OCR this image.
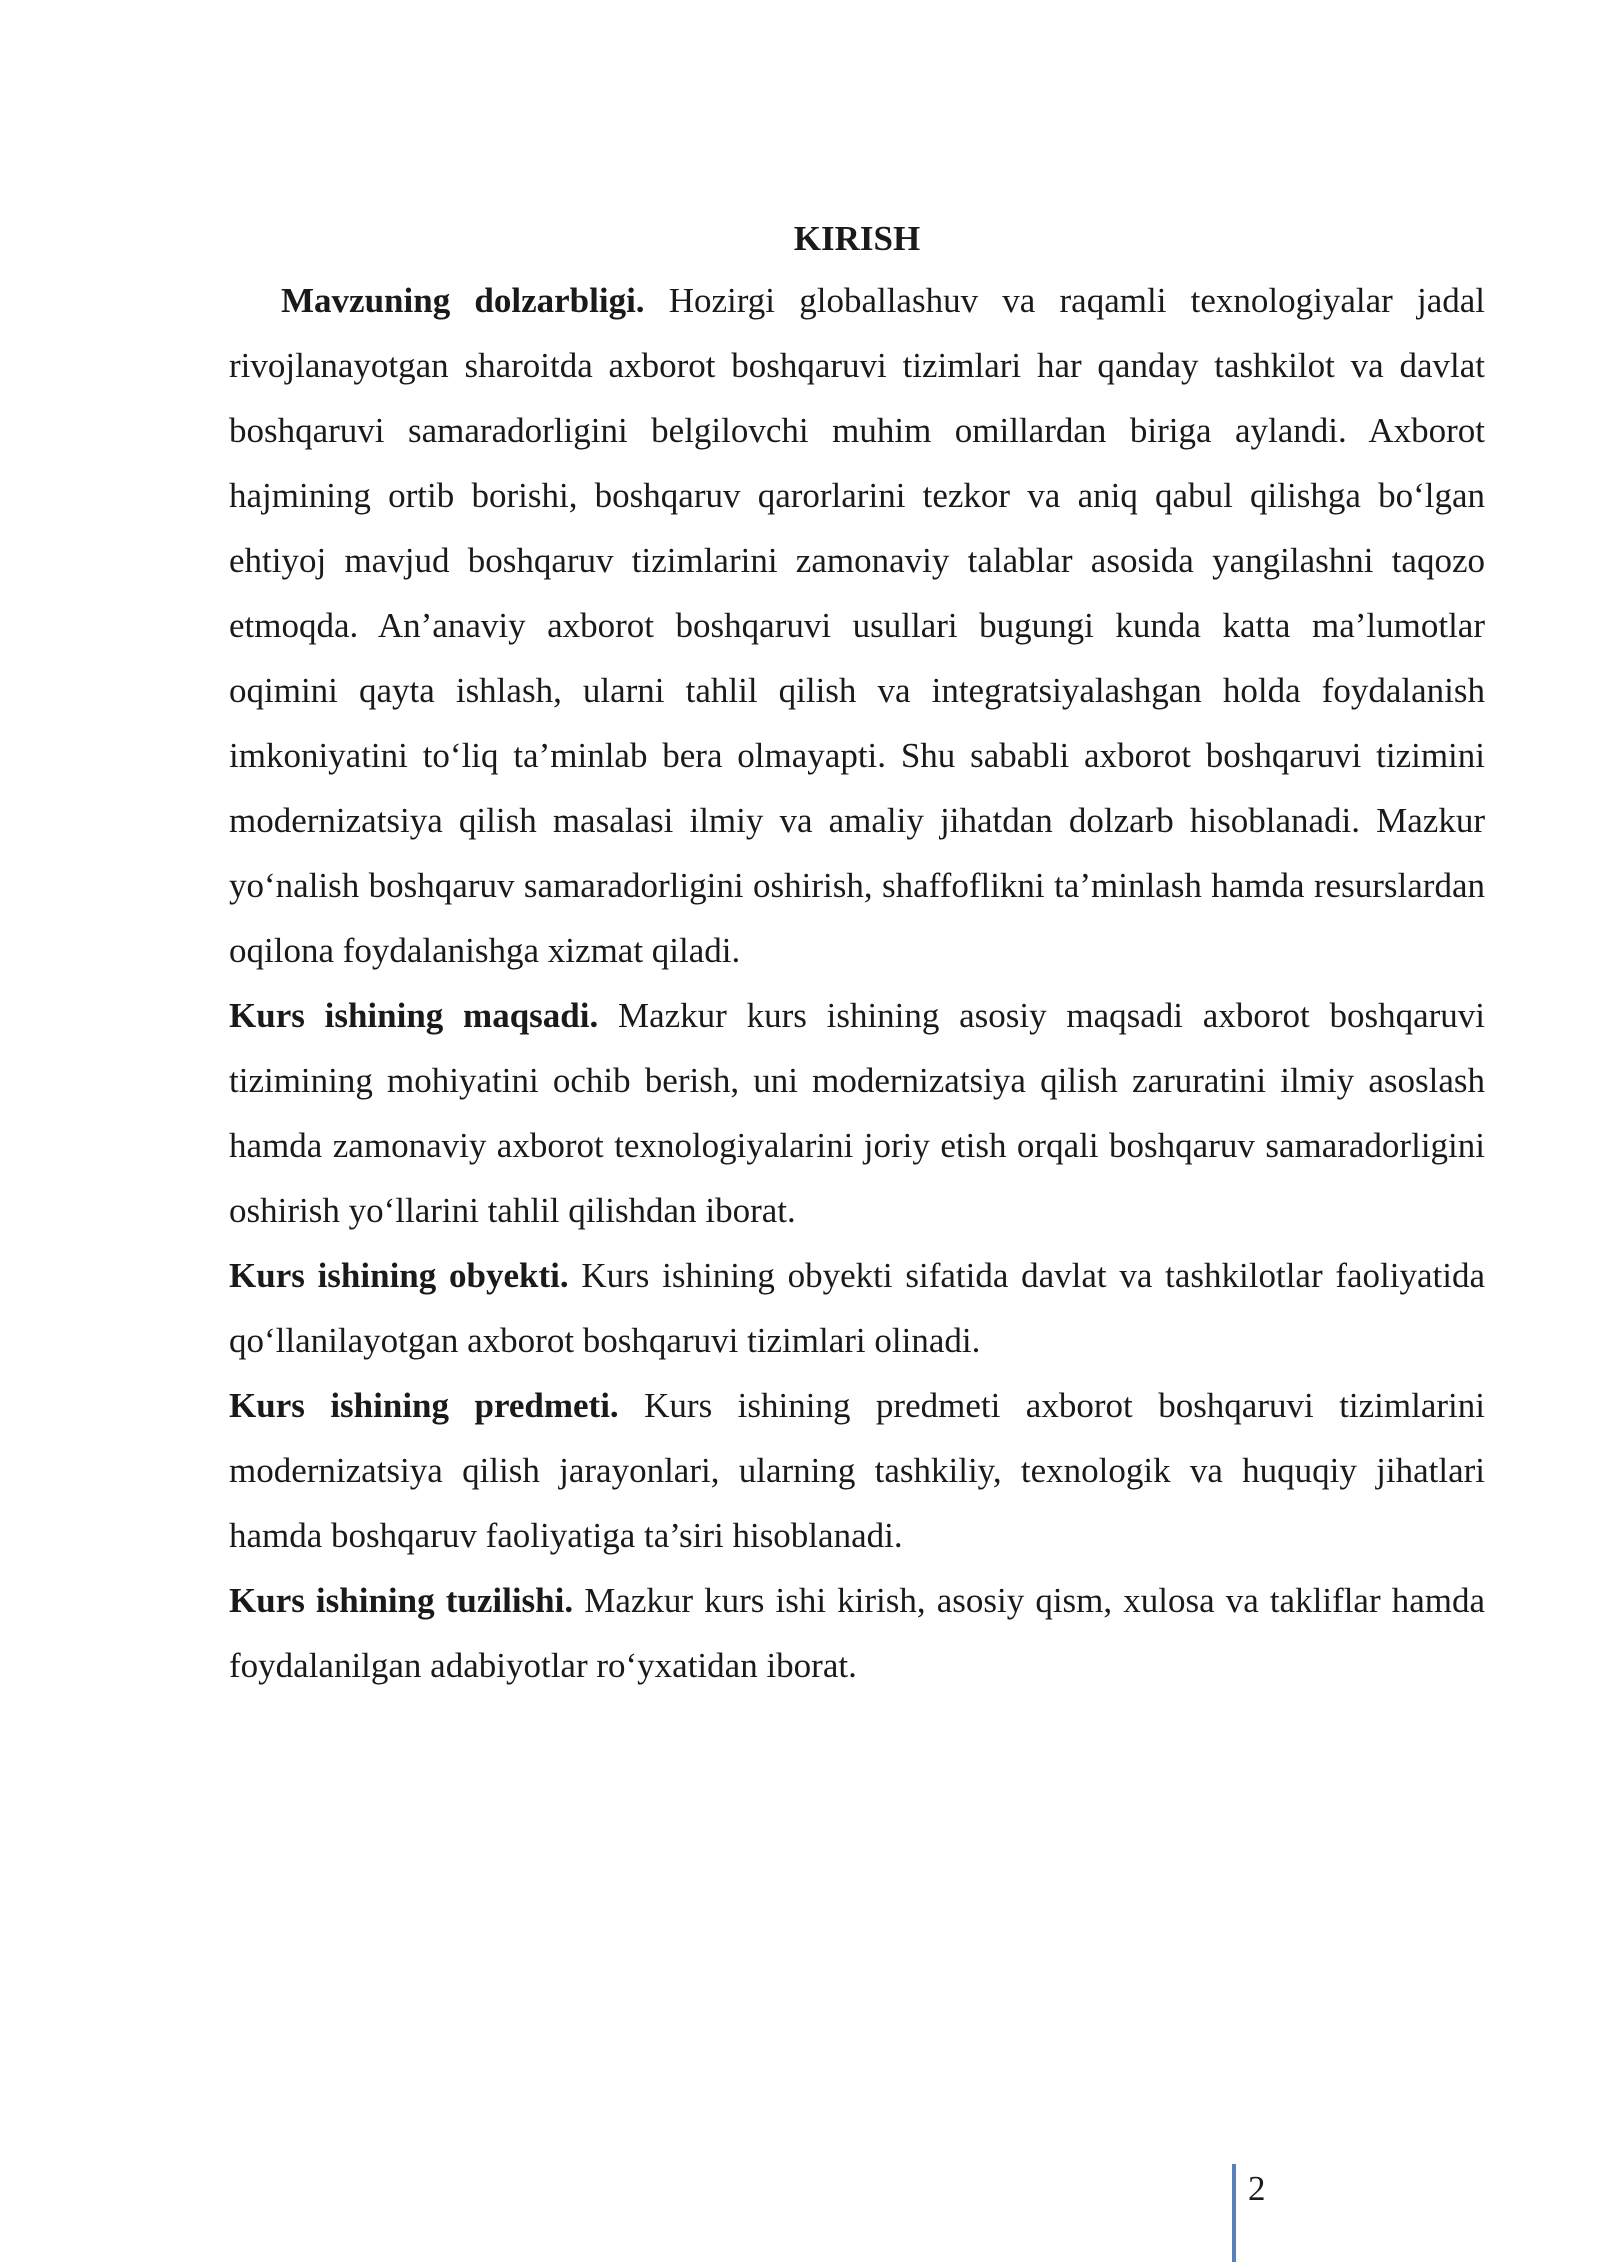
KIRISH

Mavzuning dolzarbligi. Hozirgi globallashuv va raqamli texnologiyalar jadal rivojlanayotgan sharoitda axborot boshqaruvi tizimlari har qanday tashkilot va davlat boshqaruvi samaradorligini belgilovchi muhim omillardan biriga aylandi. Axborot hajmining ortib borishi, boshqaruv qarorlarini tezkor va aniq qabul qilishga bo‘lgan ehtiyoj mavjud boshqaruv tizimlarini zamonaviy talablar asosida yangilashni taqozo etmoqda. An’anaviy axborot boshqaruvi usullari bugungi kunda katta ma’lumotlar oqimini qayta ishlash, ularni tahlil qilish va integratsiyalashgan holda foydalanish imkoniyatini to‘liq ta’minlab bera olmayapti. Shu sababli axborot boshqaruvi tizimini modernizatsiya qilish masalasi ilmiy va amaliy jihatdan dolzarb hisoblanadi. Mazkur yo‘nalish boshqaruv samaradorligini oshirish, shaffoflikni ta’minlash hamda resurslardan oqilona foydalanishga xizmat qiladi.

Kurs ishining maqsadi. Mazkur kurs ishining asosiy maqsadi axborot boshqaruvi tizimining mohiyatini ochib berish, uni modernizatsiya qilish zaruratini ilmiy asoslash hamda zamonaviy axborot texnologiyalarini joriy etish orqali boshqaruv samaradorligini oshirish yo‘llarini tahlil qilishdan iborat.

Kurs ishining obyekti. Kurs ishining obyekti sifatida davlat va tashkilotlar faoliyatida qo‘llanilayotgan axborot boshqaruvi tizimlari olinadi.

Kurs ishining predmeti. Kurs ishining predmeti axborot boshqaruvi tizimlarini modernizatsiya qilish jarayonlari, ularning tashkiliy, texnologik va huquqiy jihatlari hamda boshqaruv faoliyatiga ta’siri hisoblanadi.

Kurs ishining tuzilishi. Mazkur kurs ishi kirish, asosiy qism, xulosa va takliflar hamda foydalanilgan adabiyotlar ro‘yxatidan iborat.

2
